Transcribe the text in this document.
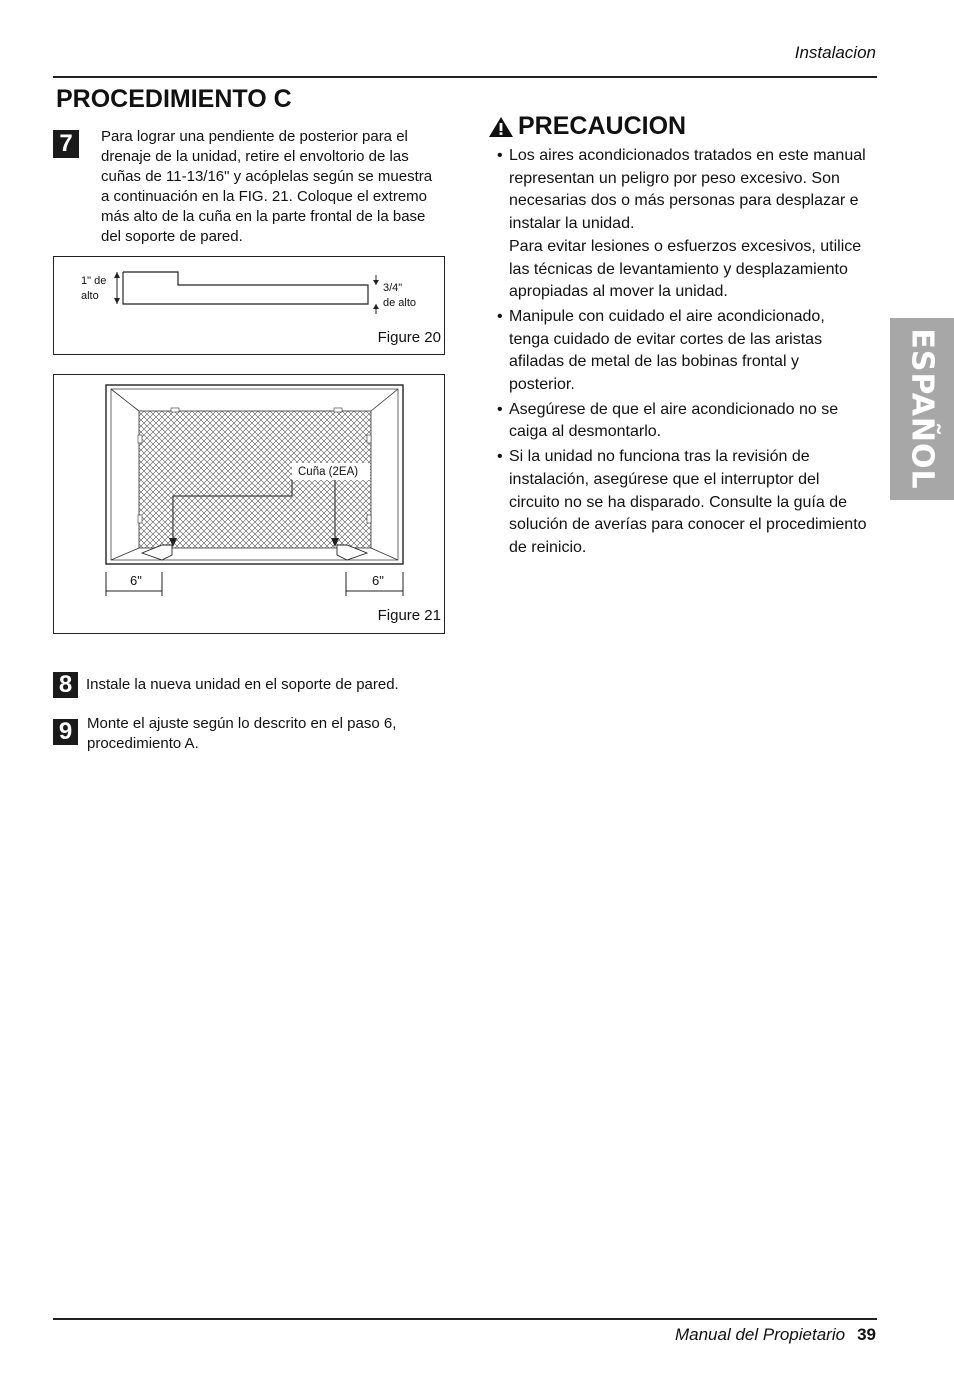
Instalacion
PROCEDIMIENTO C
7	Para lograr una pendiente de posterior para el drenaje de la unidad, retire el envoltorio de las cuñas de 11-13/16" y acóplelas según se muestra a continuación en la FIG. 21. Coloque el extremo más alto de la cuña en la parte frontal de la base del soporte de pared.
1" de
alto
3/4"
de alto
Figure 20
Cuña (2EA)
6"	6"
Figure 21
8 Instale la nueva unidad en el soporte de pared.
9 Monte el ajuste según lo descrito en el paso 6, procedimiento A.
PRECAUCION
• Los aires acondicionados tratados en este manual representan un peligro por peso excesivo. Son necesarias dos o más personas para desplazar e instalar la unidad.
Para evitar lesiones o esfuerzos excesivos, utilice las técnicas de levantamiento y desplazamiento apropiadas al mover la unidad.
• Manipule con cuidado el aire acondicionado, tenga cuidado de evitar cortes de las aristas afiladas de metal de las bobinas frontal y posterior.
• Asegúrese de que el aire acondicionado no se caiga al desmontarlo.
• Si la unidad no funciona tras la revisión de instalación, asegúrese que el interruptor del circuito no se ha disparado. Consulte la guía de solución de averías para conocer el procedimiento de reinicio.
ESPAÑOL
Manual del Propietario 39
